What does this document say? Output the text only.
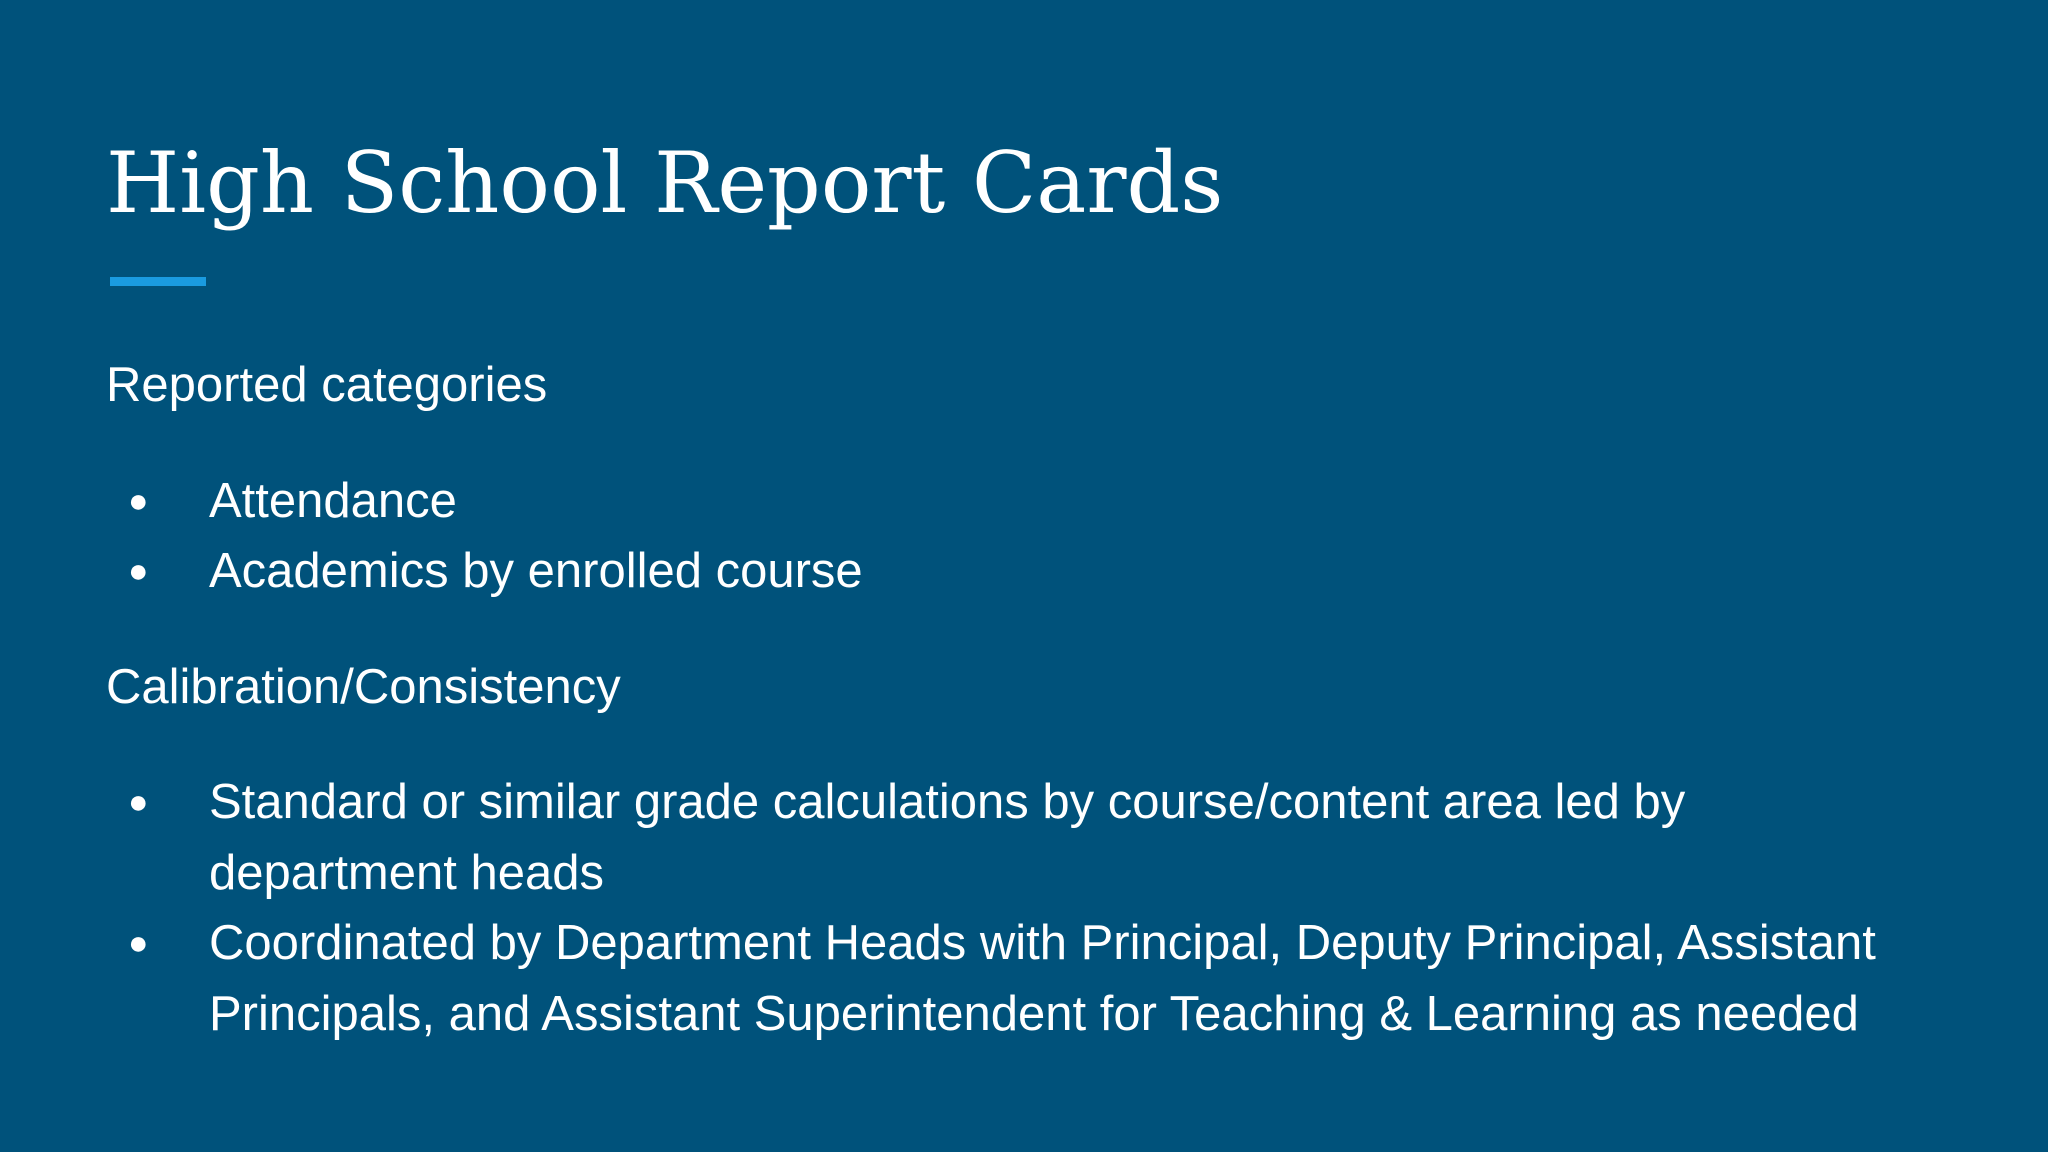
High School Report Cards

Reported categories

● Attendance
● Academics by enrolled course

Calibration/Consistency

● Standard or similar grade calculations by course/content area led by department heads
● Coordinated by Department Heads with Principal, Deputy Principal, Assistant Principals, and Assistant Superintendent for Teaching & Learning as needed
